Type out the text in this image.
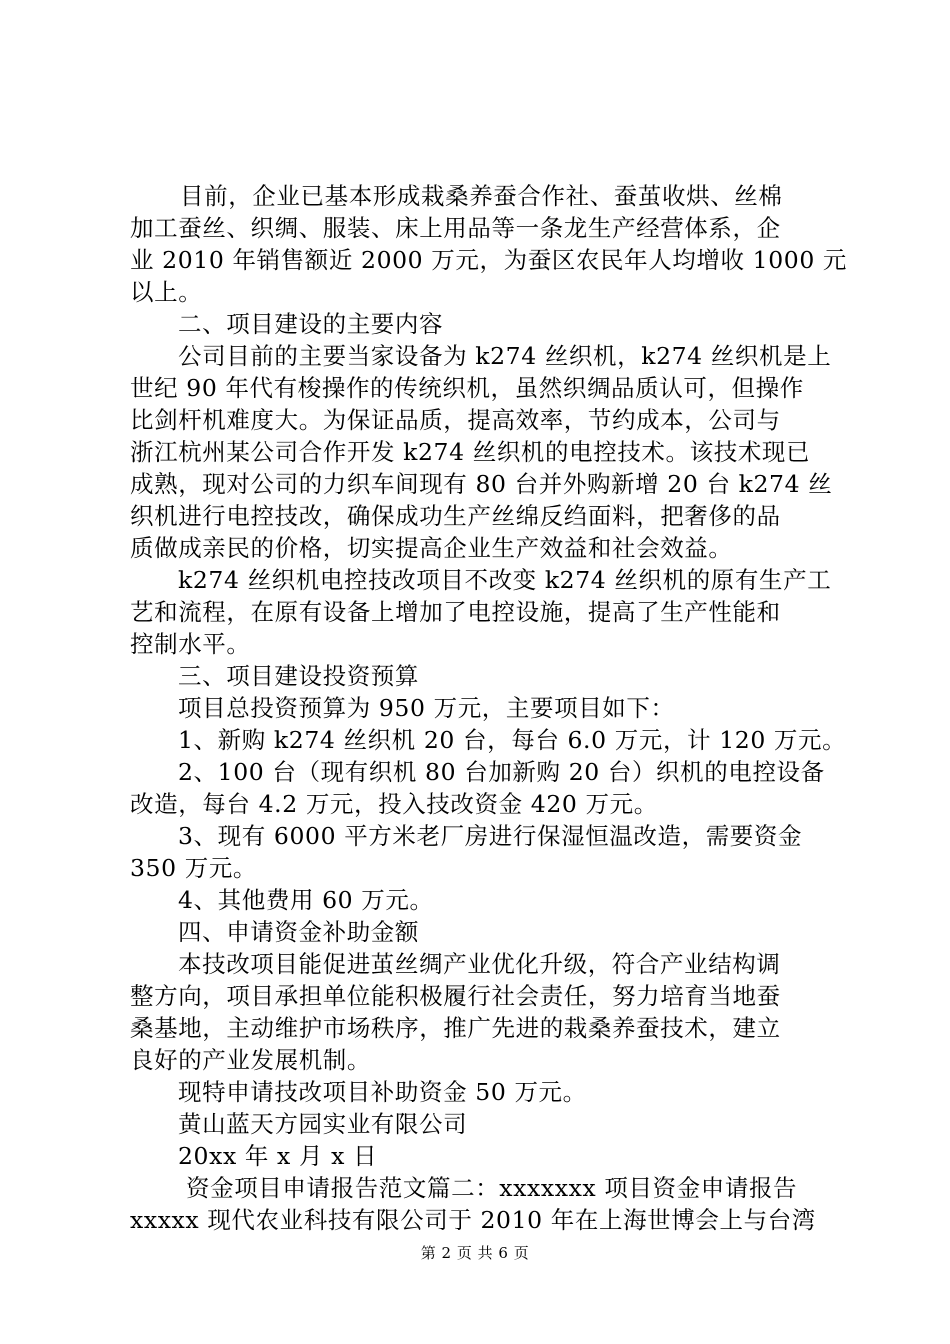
目前，企业已基本形成栽桑养蚕合作社、蚕茧收烘、丝棉
加工蚕丝、织绸、服装、床上用品等一条龙生产经营体系，企
业 2010 年销售额近 2000 万元，为蚕区农民年人均增收 1000 元
以上。
二、项目建设的主要内容
公司目前的主要当家设备为 k274 丝织机，k274 丝织机是上
世纪 90 年代有梭操作的传统织机，虽然织绸品质认可，但操作
比剑杆机难度大。为保证品质，提高效率，节约成本，公司与
浙江杭州某公司合作开发 k274 丝织机的电控技术。该技术现已
成熟，现对公司的力织车间现有 80 台并外购新增 20 台 k274 丝
织机进行电控技改，确保成功生产丝绵反绉面料，把奢侈的品
质做成亲民的价格，切实提高企业生产效益和社会效益。
k274 丝织机电控技改项目不改变 k274 丝织机的原有生产工
艺和流程，在原有设备上增加了电控设施，提高了生产性能和
控制水平。
三、项目建设投资预算
项目总投资预算为 950 万元，主要项目如下：
1、新购 k274 丝织机 20 台，每台 6.0 万元，计 120 万元。
2、100 台（现有织机 80 台加新购 20 台）织机的电控设备
改造，每台 4.2 万元，投入技改资金 420 万元。
3、现有 6000 平方米老厂房进行保湿恒温改造，需要资金
350 万元。
4、其他费用 60 万元。
四、申请资金补助金额
本技改项目能促进茧丝绸产业优化升级，符合产业结构调
整方向，项目承担单位能积极履行社会责任，努力培育当地蚕
桑基地，主动维护市场秩序，推广先进的栽桑养蚕技术，建立
良好的产业发展机制。
现特申请技改项目补助资金 50 万元。
黄山蓝天方园实业有限公司
20xx 年 x 月 x 日
资金项目申请报告范文篇二：xxxxxxx 项目资金申请报告
xxxxx 现代农业科技有限公司于 2010 年在上海世博会上与台湾
第 2 页 共 6 页
